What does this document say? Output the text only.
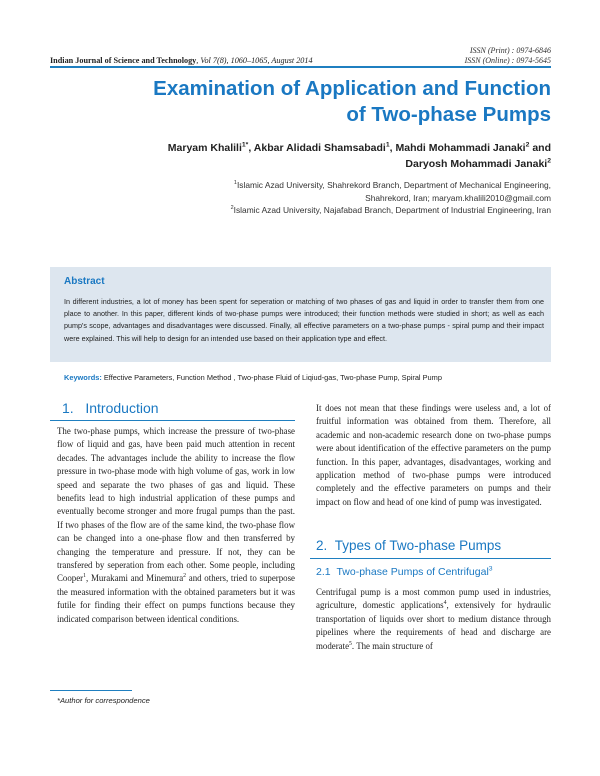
ISSN (Print) : 0974-6846
ISSN (Online) : 0974-5645
Indian Journal of Science and Technology, Vol 7(8), 1060–1065, August 2014
Examination of Application and Function
of Two-phase Pumps
Maryam Khalili$^{1*}$, Akbar Alidadi Shamsabadi$^1$, Mahdi Mohammadi Janaki$^2$ and
Daryosh Mohammadi Janaki$^2$
$^1$Islamic Azad University, Shahrekord Branch, Department of Mechanical Engineering,
Shahrekord, Iran; maryam.khalili2010@gmail.com
$^2$Islamic Azad University, Najafabad Branch, Department of Industrial Engineering, Iran
Abstract
In different industries, a lot of money has been spent for seperation or matching of two phases of gas and liquid in order to transfer them from one place to another. In this paper, different kinds of two-phase pumps were introduced; their function methods were studied in short; as well as each pump's scope, advantages and disadvantages were discussed. Finally, all effective parameters on a two-phase pumps - spiral pump and their impact were explained. This will help to design for an intended use based on their application type and effect.
Keywords: Effective Parameters, Function Method , Two-phase Fluid of Liqiud-gas, Two-phase Pump, Spiral Pump
1. Introduction
The two-phase pumps, which increase the pressure of two-phase flow of liquid and gas, have been paid much attention in recent decades. The advantages include the ability to increase the flow pressure in two-phase mode with high volume of gas, work in low speed and separate the two phases of gas and liquid. These benefits lead to high industrial application of these pumps and eventually become stronger and more frugal pumps than the past. If two phases of the flow are of the same kind, the two-phase flow can be changed into a one-phase flow and then transferred by changing the temperature and pressure. If not, they can be transfered by seperation from each other. Some people, including Cooper$^1$, Murakami and Minemura$^2$ and others, tried to superpose the measured information with the obtained parameters but it was futile for finding their effect on pumps functions because they indicated comparison between identical conditions.
It does not mean that these findings were useless and, a lot of fruitful information was obtained from them. Therefore, all academic and non-academic research done on two-phase pumps were about identification of the effective parameters on the pump function. In this paper, advantages, disadvantages, working and application method of two-phase pumps were introduced completely and the effective parameters on pumps and their impact on flow and head of one kind of pump was investigated.
2. Types of Two-phase Pumps
2.1 Two-phase Pumps of Centrifugal$^3$
Centrifugal pump is a most common pump used in industries, agriculture, domestic applications$^4$, extensively for hydraulic transportation of liquids over short to medium distance through pipelines where the requirements of head and discharge are moderate$^5$. The main structure of
*Author for correspondence
